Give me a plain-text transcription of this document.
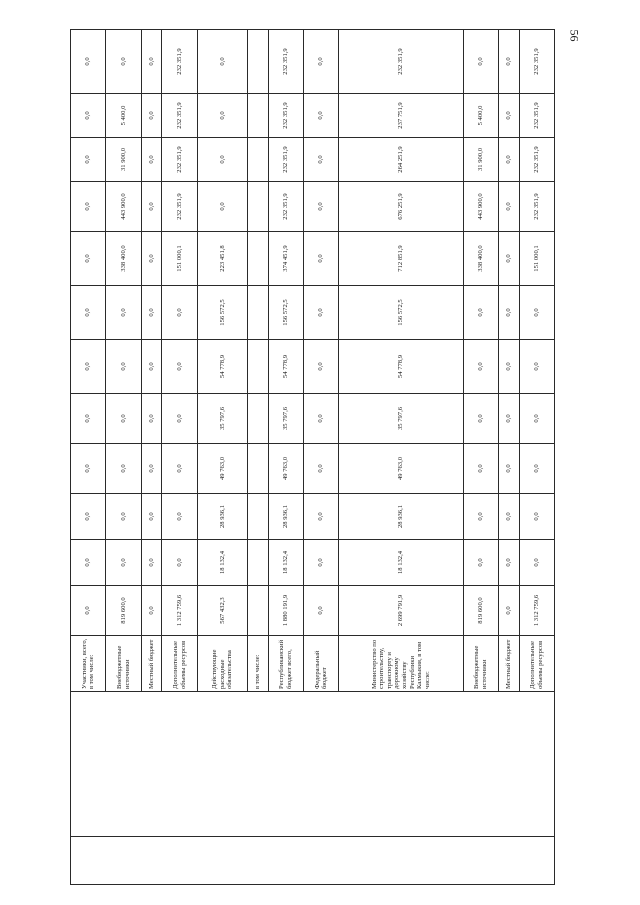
56
		Участники, всего, в том числе:	0,0	0,0	0,0	0,0	0,0	0,0	0,0	0,0	0,0	0,0	0,0	0,0
		Внебюджетные источники	819 600,0	0,0	0,0	0,0	0,0	0,0	0,0	338 400,0	443 900,0	31 900,0	5 400,0	0,0
		Местный бюджет	0,0	0,0	0,0	0,0	0,0	0,0	0,0	0,0	0,0	0,0	0,0	0,0
		Дополнительные объемы ресурсов	1 312 759,6	0,0	0,0	0,0	0,0	0,0	0,0	151 000,1	232 351,9	232 351,9	232 351,9	232 351,9
		Действующие расходные обязательства	567 432,3	18 132,4	28 936,1	49 763,0	35 797,6	54 778,9	156 572,5	223 451,8	0,0	0,0	0,0	0,0
		в том числе:												
		Республиканский бюджет всего,	1 880 191,9	18 132,4	28 936,1	49 763,0	35 797,6	54 778,9	156 572,5	374 451,9	232 351,9	232 351,9	232 351,9	232 351,9
		Федеральный бюджет	0,0	0,0	0,0	0,0	0,0	0,0	0,0	0,0	0,0	0,0	0,0	0,0
		Министерство по строительству, транспорту и дорожному хозяйству Республики Калмыкия, в том числе:	2 699 791,9	18 132,4	28 936,1	49 763,0	35 797,6	54 778,9	156 572,5	712 851,9	676 251,9	264 251,9	237 751,9	232 351,9
		Внебюджетные источники	819 600,0	0,0	0,0	0,0	0,0	0,0	0,0	338 400,0	443 900,0	31 900,0	5 400,0	0,0
		Местный бюджет	0,0	0,0	0,0	0,0	0,0	0,0	0,0	0,0	0,0	0,0	0,0	0,0
		Дополнительные объемы ресурсов	1 312 759,6	0,0	0,0	0,0	0,0	0,0	0,0	151 000,1	232 351,9	232 351,9	232 351,9	232 351,9
